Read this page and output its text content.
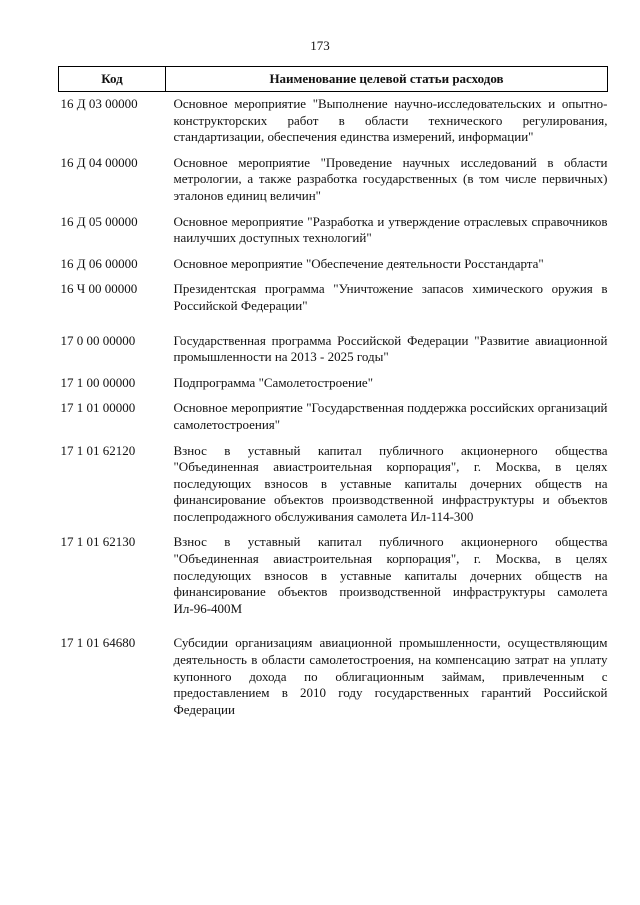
173
Код	Наименование целевой статьи расходов
16 Д 03 00000	Основное мероприятие "Выполнение научно-исследовательских и опытно-конструкторских работ в области технического регулирования, стандартизации, обеспечения единства измерений, информации"
16 Д 04 00000	Основное мероприятие "Проведение научных исследований в области метрологии, а также разработка государственных (в том числе первичных) эталонов единиц величин"
16 Д 05 00000	Основное мероприятие "Разработка и утверждение отраслевых справочников наилучших доступных технологий"
16 Д 06 00000	Основное мероприятие "Обеспечение деятельности Росстандарта"
16 Ч 00 00000	Президентская программа "Уничтожение запасов химического оружия в Российской Федерации"
17 0 00 00000	Государственная программа Российской Федерации "Развитие авиационной промышленности на 2013 - 2025 годы"
17 1 00 00000	Подпрограмма "Самолетостроение"
17 1 01 00000	Основное мероприятие "Государственная поддержка российских организаций самолетостроения"
17 1 01 62120	Взнос в уставный капитал публичного акционерного общества "Объединенная авиастроительная корпорация", г. Москва, в целях последующих взносов в уставные капиталы дочерних обществ на финансирование объектов производственной инфраструктуры и объектов послепродажного обслуживания самолета Ил-114-300
17 1 01 62130	Взнос в уставный капитал публичного акционерного общества "Объединенная авиастроительная корпорация", г. Москва, в целях последующих взносов в уставные капиталы дочерних обществ на финансирование объектов производственной инфраструктуры самолета Ил-96-400М
17 1 01 64680	Субсидии организациям авиационной промышленности, осуществляющим деятельность в области самолетостроения, на компенсацию затрат на уплату купонного дохода по облигационным займам, привлеченным с предоставлением в 2010 году государственных гарантий Российской Федерации
